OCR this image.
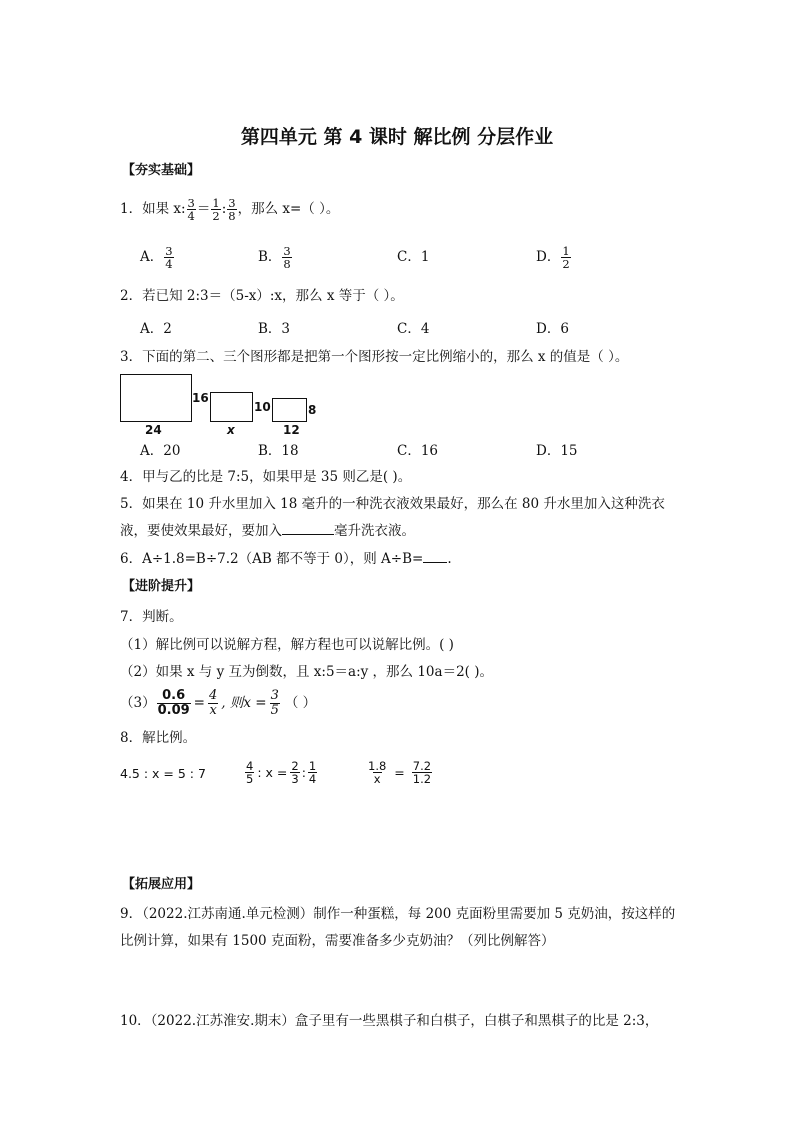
第四单元 第 4 课时 解比例 分层作业
【夯实基础】
1．如果 x: $\frac{3}{4} = \frac{1}{2}$ : $\frac{3}{8}$ ，那么 x=（ ）。
A． $\frac{3}{4}$	B． $\frac{3}{8}$	C．1	D． $\frac{1}{2}$
2．若已知 2:3＝（5-x）:x，那么 x 等于（ ）。
A．2	B．3	C．4	D．6
3．下面的第二、三个图形都是把第一个图形按一定比例缩小的，那么 x 的值是（ ）。
16
24
10
x
8
12
A．20	B．18	C．16	D．15
4．甲与乙的比是 7:5，如果甲是 35 则乙是( )。
5．如果在 10 升水里加入 18 毫升的一种洗衣液效果最好，那么在 80 升水里加入这种洗衣
液，要使效果最好，要加入	毫升洗衣液。
6．A÷1.8=B÷7.2（AB 都不等于 0），则 A÷B= .
【进阶提升】
7．判断。
（1）解比例可以说解方程，解方程也可以说解比例。( )
（2）如果 x 与 y 互为倒数，且 x:5＝a:y ，那么 10a＝2( )。
$(3) \frac{0.6}{0.09} = \frac{4}{x}$ , 则$x = \frac{3}{5}$ （ ）
8．解比例。
4.5 : x = 5 : 7	$\frac{4}{5}$ : $x = \frac{2}{3}$ : $\frac{1}{4}$	$\frac{1.8}{x} = \frac{7.2}{1.2}$
【拓展应用】
9．（2022.江苏南通.单元检测）制作一种蛋糕，每 200 克面粉里需要加 5 克奶油，按这样的
比例计算，如果有 1500 克面粉，需要准备多少克奶油？（列比例解答）
10．（2022.江苏淮安.期末）盒子里有一些黑棋子和白棋子，白棋子和黑棋子的比是 2:3，
